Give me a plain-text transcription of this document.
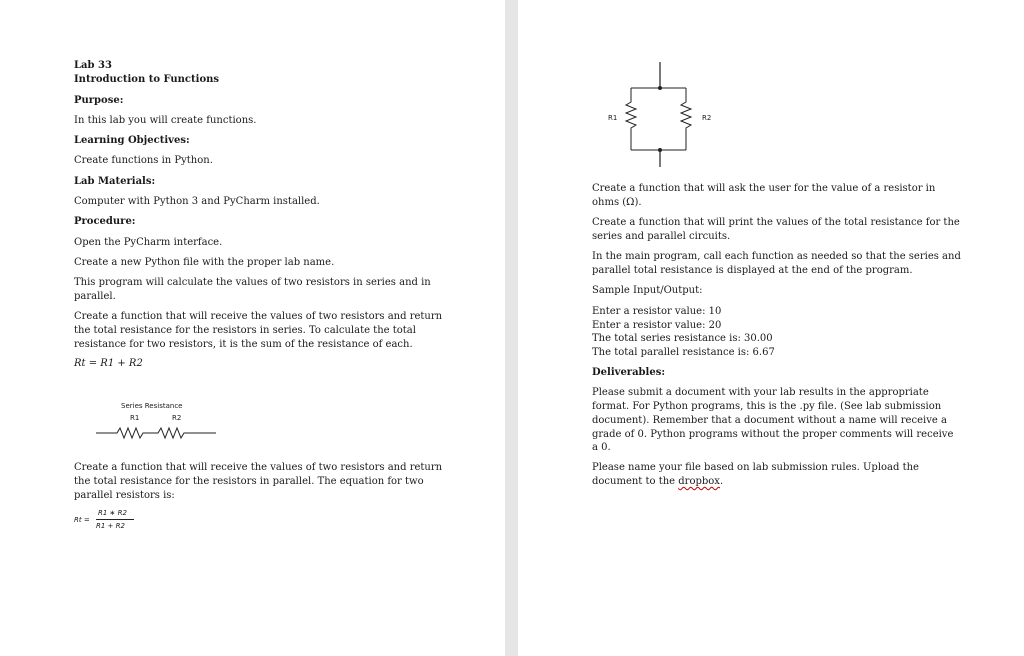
Lab 33

Introduction to Functions

Purpose:

In this lab you will create functions.

Learning Objectives:

Create functions in Python.

Lab Materials:

Computer with Python 3 and PyCharm installed.

Procedure:

Open the PyCharm interface.

Create a new Python file with the proper lab name.

This program will calculate the values of two resistors in series and in

parallel.

Create a function that will receive the values of two resistors and return

the total resistance for the resistors in series. To calculate the total

resistance for two resistors, it is the sum of the resistance of each.

Rt = R1 + R2

Series Resistance
R1	R2

Create a function that will receive the values of two resistors and return

the total resistance for the resistors in parallel. The equation for two

parallel resistors is:

Rt =
R1 ∗ R2
R1 + R2
R1	R2

Create a function that will ask the user for the value of a resistor in

ohms (Ω).

Create a function that will print the values of the total resistance for the

series and parallel circuits.

In the main program, call each function as needed so that the series and

parallel total resistance is displayed at the end of the program.

Sample Input/Output:

Enter a resistor value: 10

Enter a resistor value: 20

The total series resistance is: 30.00

The total parallel resistance is: 6.67

Deliverables:

Please submit a document with your lab results in the appropriate

format. For Python programs, this is the .py file. (See lab submission

document). Remember that a document without a name will receive a

grade of 0. Python programs without the proper comments will receive

a 0.

Please name your file based on lab submission rules. Upload the

document to the dropbox.
